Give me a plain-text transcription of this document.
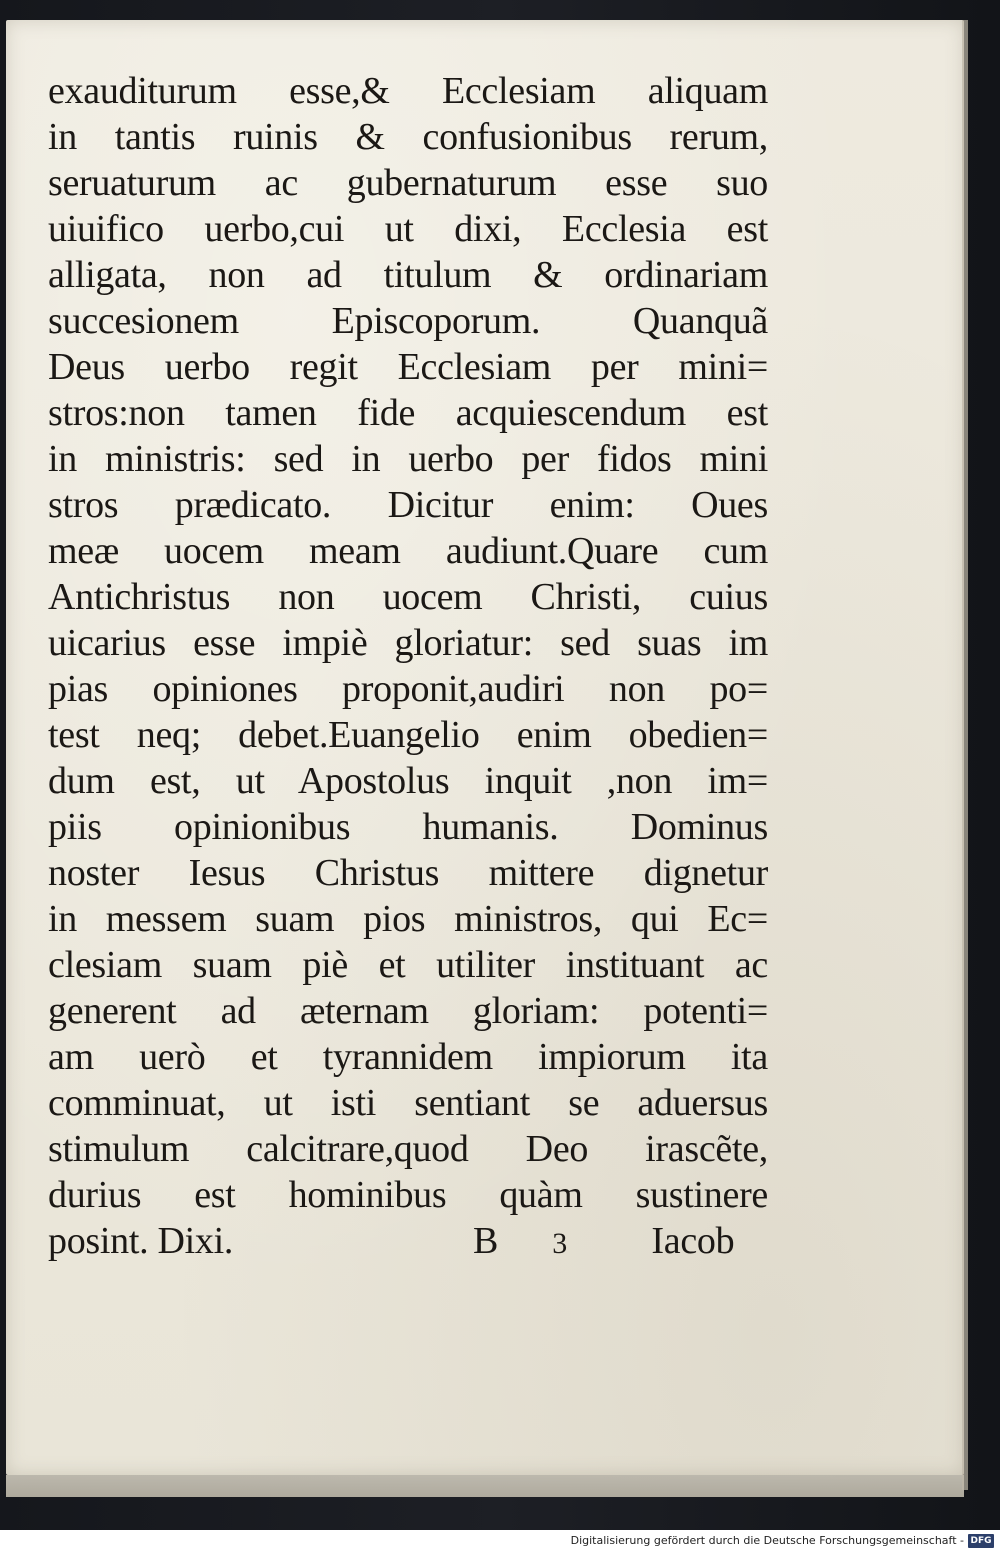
exauditurum esse,& Ecclesiam aliquam
in tantis ruinis & confusionibus rerum,
seruaturum ac gubernaturum esse suo
uiuifico uerbo,cui ut dixi, Ecclesia est
alligata, non ad titulum & ordinariam
succesionem Episcoporum. Quanquã
Deus uerbo regit Ecclesiam per mini=
stros:non tamen fide acquiescendum est
in ministris: sed in uerbo per fidos mini
stros prædicato. Dicitur enim: Oues
meæ uocem meam audiunt.Quare cum
Antichristus non uocem Christi, cuius
uicarius esse impiè gloriatur: sed suas im
pias opiniones proponit,audiri non po=
test neq; debet.Euangelio enim obedien=
dum est, ut Apostolus inquit ,non im=
piis opinionibus humanis. Dominus
noster Iesus Christus mittere dignetur
in messem suam pios ministros, qui Ec=
clesiam suam piè et utiliter instituant ac
generent ad æternam gloriam: potenti=
am uerò et tyrannidem impiorum ita
comminuat, ut isti sentiant se aduersus
stimulum calcitrare,quod Deo irascẽte,
durius est hominibus quàm sustinere
posint. Dixi.	B 3 Iacob
Digitalisierung gefördert durch die Deutsche Forschungsgemeinschaft - DFG
